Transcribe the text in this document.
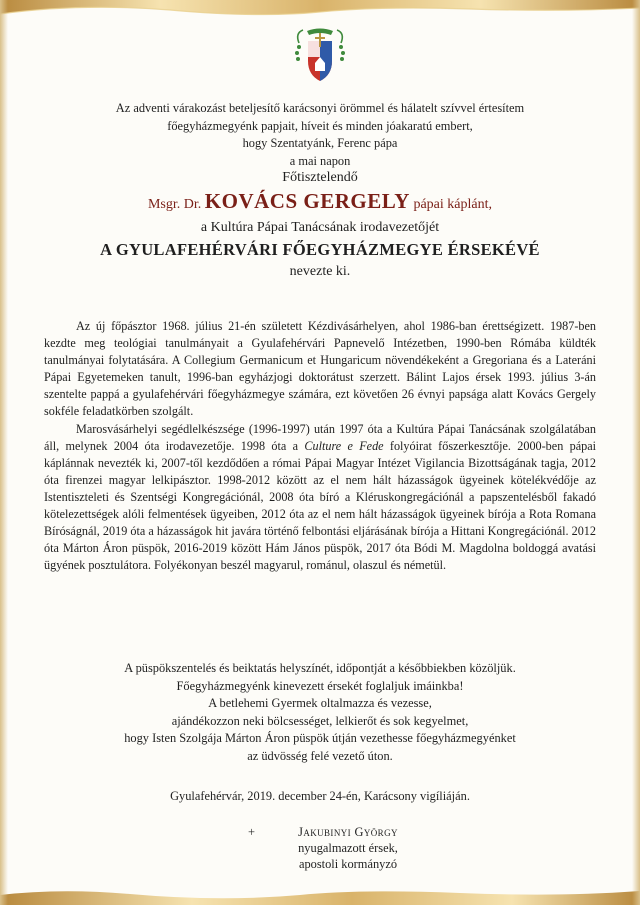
Az adventi várakozást beteljesítő karácsonyi örömmel és hálatelt szívvel értesítem
főegyházmegyénk papjait, híveit és minden jóakaratú embert,
hogy Szentatyánk, Ferenc pápa
a mai napon
Főtisztelendő
Msgr. Dr. KOVÁCS GERGELY pápai káplánt,
a Kultúra Pápai Tanácsának irodavezetőjét
A GYULAFEHÉRVÁRI FŐEGYHÁZMEGYE ÉRSEKÉVÉ
nevezte ki.

Az új főpásztor 1968. július 21-én született Kézdivásárhelyen, ahol 1986-ban érettségizett. 1987-ben kezdte meg teológiai tanulmányait a Gyulafehérvári Papnevelő Intézetben, 1990-ben Rómába küldték tanulmányai folytatására. A Collegium Germanicum et Hungaricum növendékeként a Gregoriana és a Lateráni Pápai Egyetemeken tanult, 1996-ban egyházjogi doktorátust szerzett. Bálint Lajos érsek 1993. július 3-án szentelte pappá a gyulafehérvári főegyházmegye számára, ezt követően 26 évnyi papsága alatt Kovács Gergely sokféle feladatkörben szolgált.

Marosvásárhelyi segédlelkészsége (1996-1997) után 1997 óta a Kultúra Pápai Tanácsának szolgálatában áll, melynek 2004 óta irodavezetője. 1998 óta a Culture e Fede folyóirat főszerkesztője. 2000-ben pápai káplánnak nevezték ki, 2007-től kezdődően a római Pápai Magyar Intézet Vigilancia Bizottságának tagja, 2012 óta firenzei magyar lelkipásztor. 1998-2012 között az el nem hált házasságok ügyeinek kötelékvédője az Istentiszteleti és Szentségi Kongregációnál, 2008 óta bíró a Kléruskongregációnál a papszentelésből fakadó kötelezettségek alóli felmentések ügyeiben, 2012 óta az el nem hált házasságok ügyeinek bírója a Rota Romana Bíróságnál, 2019 óta a házasságok hit javára történő felbontási eljárásának bírója a Hittani Kongregációnál. 2012 óta Márton Áron püspök, 2016-2019 között Hám János püspök, 2017 óta Bódi M. Magdolna boldoggá avatási ügyének posztulátora. Folyékonyan beszél magyarul, románul, olaszul és németül.

A püspökszentelés és beiktatás helyszínét, időpontját a későbbiekben közöljük.
Főegyházmegyénk kinevezett érsekét foglaljuk imáinkba!
A betlehemi Gyermek oltalmazza és vezesse,
ajándékozzon neki bölcsességet, lelkierőt és sok kegyelmet,
hogy Isten Szolgája Márton Áron püspök útján vezethesse főegyházmegyénket
az üdvösség felé vezető úton.
Gyulafehérvár, 2019. december 24-én, Karácsony vigíliáján.
+	Jakubinyi György
nyugalmazott érsek,
apostoli kormányzó
